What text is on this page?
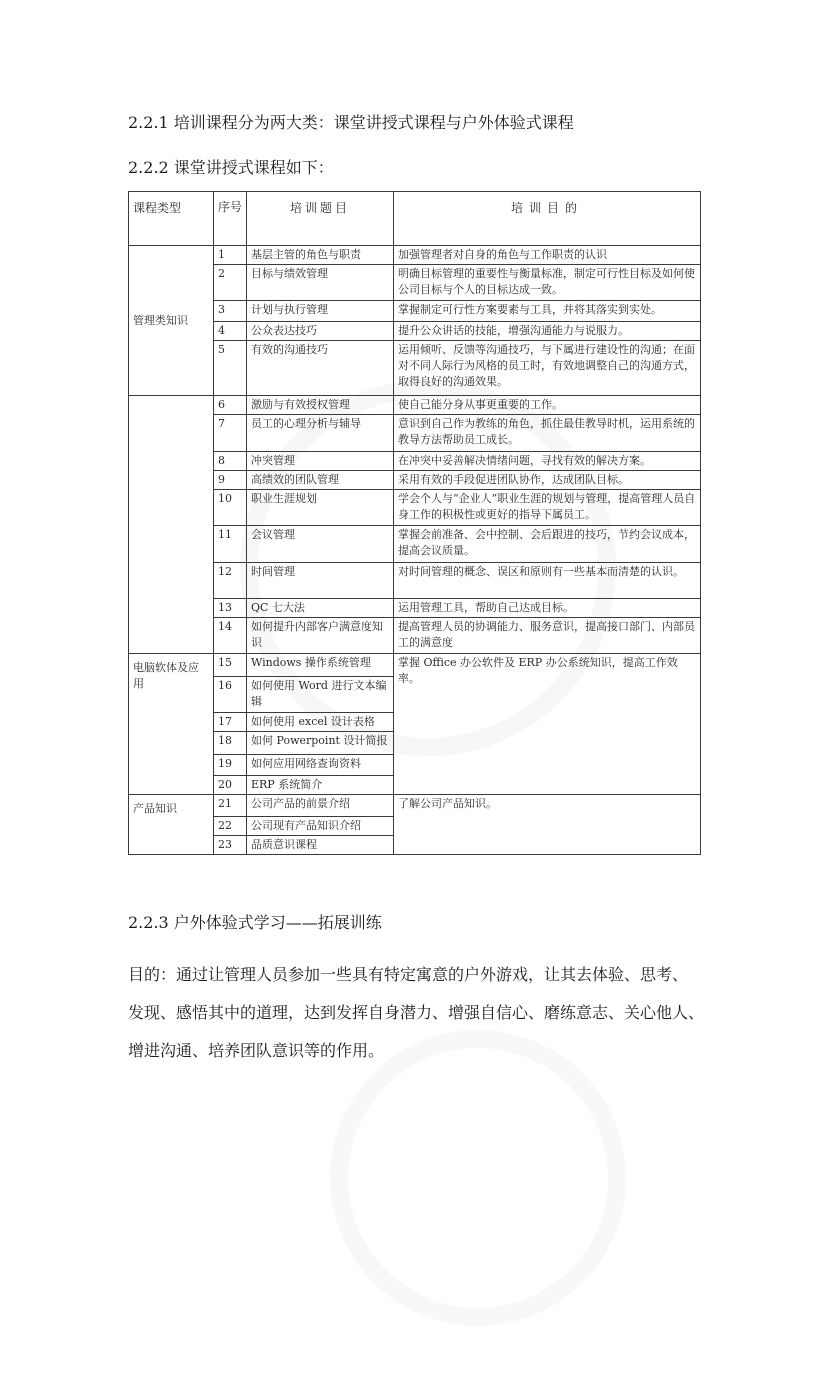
2.2.1 培训课程分为两大类：课堂讲授式课程与户外体验式课程
2.2.2 课堂讲授式课程如下：
课程类型	序号	培训题目	培训目的
管理类知识	1	基层主管的角色与职责	加强管理者对自身的角色与工作职责的认识
	2	目标与绩效管理	明确目标管理的重要性与衡量标准，制定可行性目标及如何使公司目标与个人的目标达成一致。
	3	计划与执行管理	掌握制定可行性方案要素与工具，并将其落实到实处。
	4	公众表达技巧	提升公众讲话的技能，增强沟通能力与说服力。
	5	有效的沟通技巧	运用倾听、反馈等沟通技巧，与下属进行建设性的沟通；在面对不同人际行为风格的员工时，有效地调整自己的沟通方式，取得良好的沟通效果。
	6	激励与有效授权管理	使自己能分身从事更重要的工作。
	7	员工的心理分析与辅导	意识到自己作为教练的角色，抓住最佳教导时机，运用系统的教导方法帮助员工成长。
	8	冲突管理	在冲突中妥善解决情绪问题，寻找有效的解决方案。
	9	高绩效的团队管理	采用有效的手段促进团队协作，达成团队目标。
	10	职业生涯规划	学会个人与“企业人”职业生涯的规划与管理，提高管理人员自身工作的积极性或更好的指导下属员工。
	11	会议管理	掌握会前准备、会中控制、会后跟进的技巧，节约会议成本，提高会议质量。
	12	时间管理	对时间管理的概念、误区和原则有一些基本而清楚的认识。
	13	QC 七大法	运用管理工具，帮助自己达成目标。
	14	如何提升内部客户满意度知识	提高管理人员的协调能力、服务意识，提高接口部门、内部员工的满意度
电脑软体及应用	15	Windows 操作系统管理	掌握 Office 办公软件及 ERP 办公系统知识，提高工作效率。
	16	如何使用 Word 进行文本编辑	
	17	如何使用 excel 设计表格	
	18	如何 Powerpoint 设计简报	
	19	如何应用网络查询资料	
	20	ERP 系统简介	
产品知识	21	公司产品的前景介绍	了解公司产品知识。
	22	公司现有产品知识介绍	
	23	品质意识课程	
2.2.3 户外体验式学习——拓展训练
目的：通过让管理人员参加一些具有特定寓意的户外游戏，让其去体验、思考、
发现、感悟其中的道理，达到发挥自身潜力、增强自信心、磨练意志、关心他人、
增进沟通、培养团队意识等的作用。
